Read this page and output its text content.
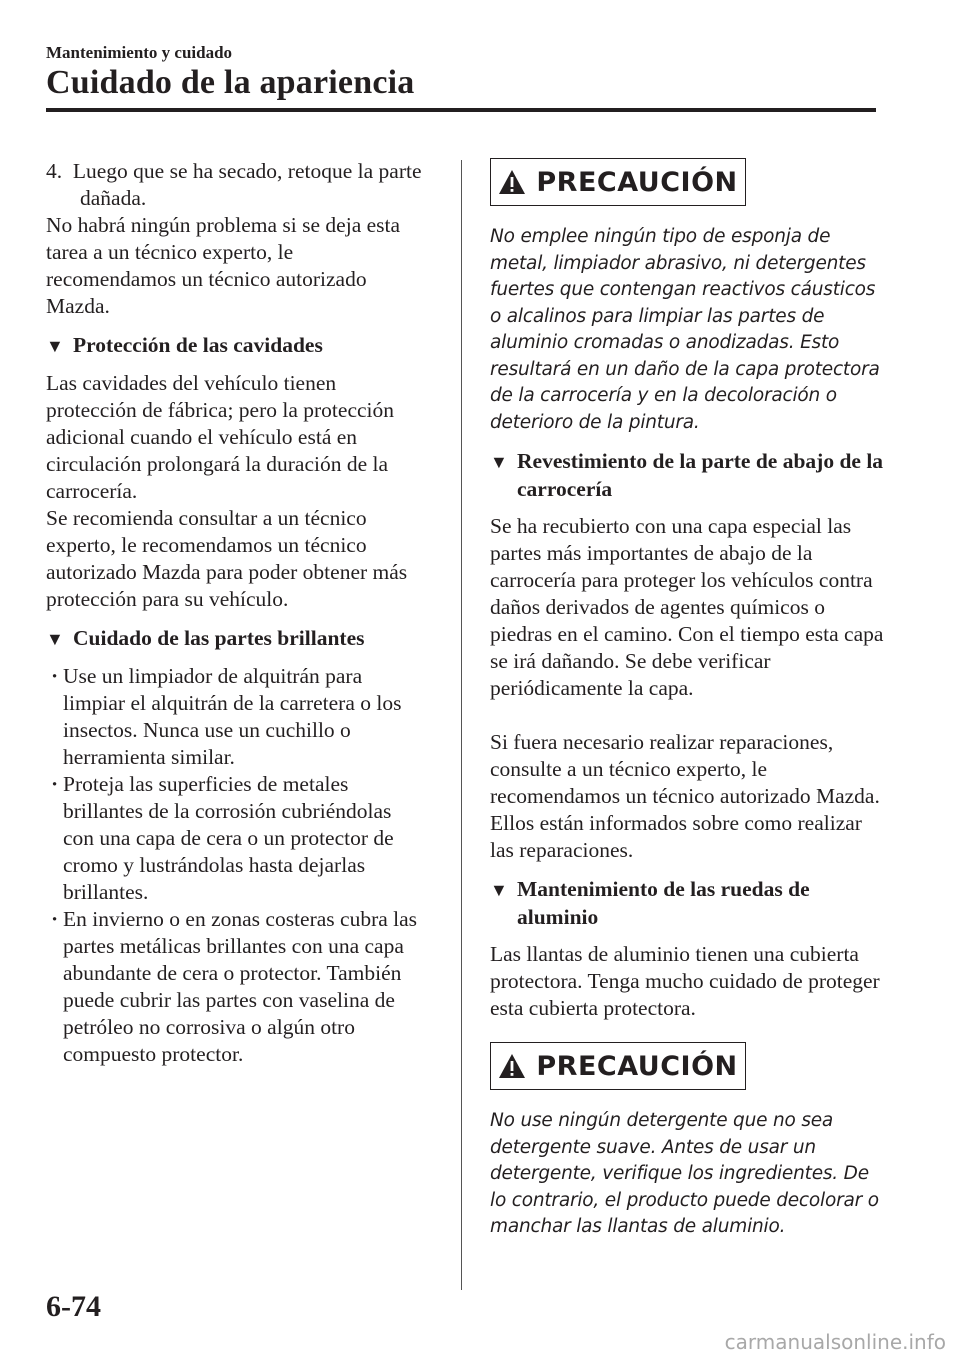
Mantenimiento y cuidado
Cuidado de la apariencia

4. Luego que se ha secado, retoque la parte dañada.

No habrá ningún problema si se deja esta tarea a un técnico experto, le recomendamos un técnico autorizado Mazda.

▼ Protección de las cavidades

Las cavidades del vehículo tienen protección de fábrica; pero la protección adicional cuando el vehículo está en circulación prolongará la duración de la carrocería.

Se recomienda consultar a un técnico experto, le recomendamos un técnico autorizado Mazda para poder obtener más protección para su vehículo.

▼ Cuidado de las partes brillantes

· Use un limpiador de alquitrán para limpiar el alquitrán de la carretera o los insectos. Nunca use un cuchillo o herramienta similar.
· Proteja las superficies de metales brillantes de la corrosión cubriéndolas con una capa de cera o un protector de cromo y lustrándolas hasta dejarlas brillantes.
· En invierno o en zonas costeras cubra las partes metálicas brillantes con una capa abundante de cera o protector. También puede cubrir las partes con vaselina de petróleo no corrosiva o algún otro compuesto protector.
PRECAUCIÓN

No emplee ningún tipo de esponja de metal, limpiador abrasivo, ni detergentes fuertes que contengan reactivos cáusticos o alcalinos para limpiar las partes de aluminio cromadas o anodizadas. Esto resultará en un daño de la capa protectora de la carrocería y en la decoloración o deterioro de la pintura.

▼ Revestimiento de la parte de abajo de la carrocería

Se ha recubierto con una capa especial las partes más importantes de abajo de la carrocería para proteger los vehículos contra daños derivados de agentes químicos o piedras en el camino. Con el tiempo esta capa se irá dañando. Se debe verificar periódicamente la capa.

Si fuera necesario realizar reparaciones, consulte a un técnico experto, le recomendamos un técnico autorizado Mazda. Ellos están informados sobre como realizar las reparaciones.

▼ Mantenimiento de las ruedas de aluminio

Las llantas de aluminio tienen una cubierta protectora. Tenga mucho cuidado de proteger esta cubierta protectora.

PRECAUCIÓN

No use ningún detergente que no sea detergente suave. Antes de usar un detergente, verifique los ingredientes. De lo contrario, el producto puede decolorar o manchar las llantas de aluminio.

6-74
carmanualsonline.info
